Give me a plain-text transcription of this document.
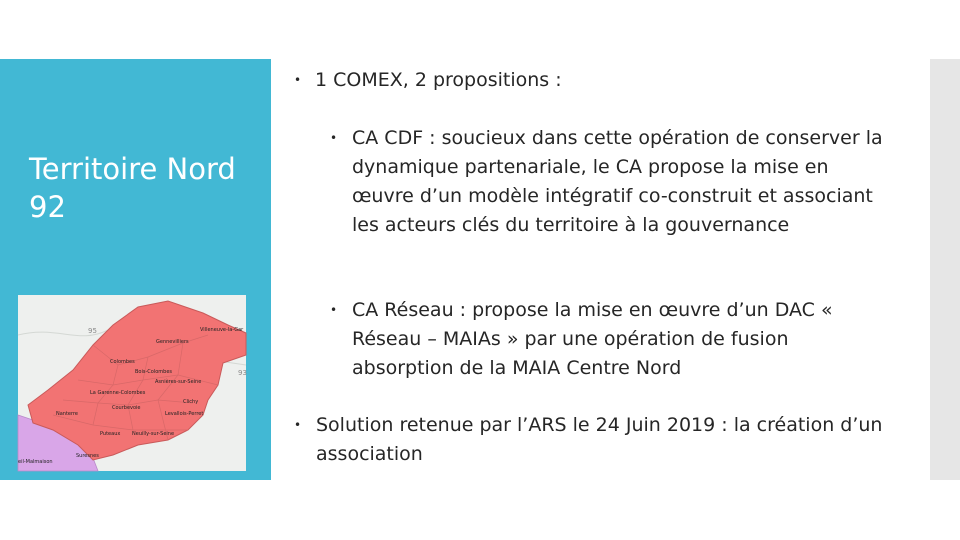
Territoire Nord 92
95
93
Villeneuve-la-Gar
Gennevilliers
Colombes
Bois-Colombes
Asnières-sur-Seine
La Garenne-Colombes
Courbevoie
Clichy
Nanterre	Levallois-Perret
Puteaux Neuilly-sur-Seine
Suresnes
eil-Malmaison
• 1 COMEX, 2 propositions :
• CA CDF : soucieux dans cette opération de conserver la dynamique partenariale, le CA propose la mise en œuvre d’un modèle intégratif co-construit et associant les acteurs clés du territoire à la gouvernance
• CA Réseau : propose la mise en œuvre d’un DAC « Réseau – MAIAs » par une opération de fusion absorption de la MAIA Centre Nord
• Solution retenue par l’ARS le 24 Juin 2019 : la création d’un association
